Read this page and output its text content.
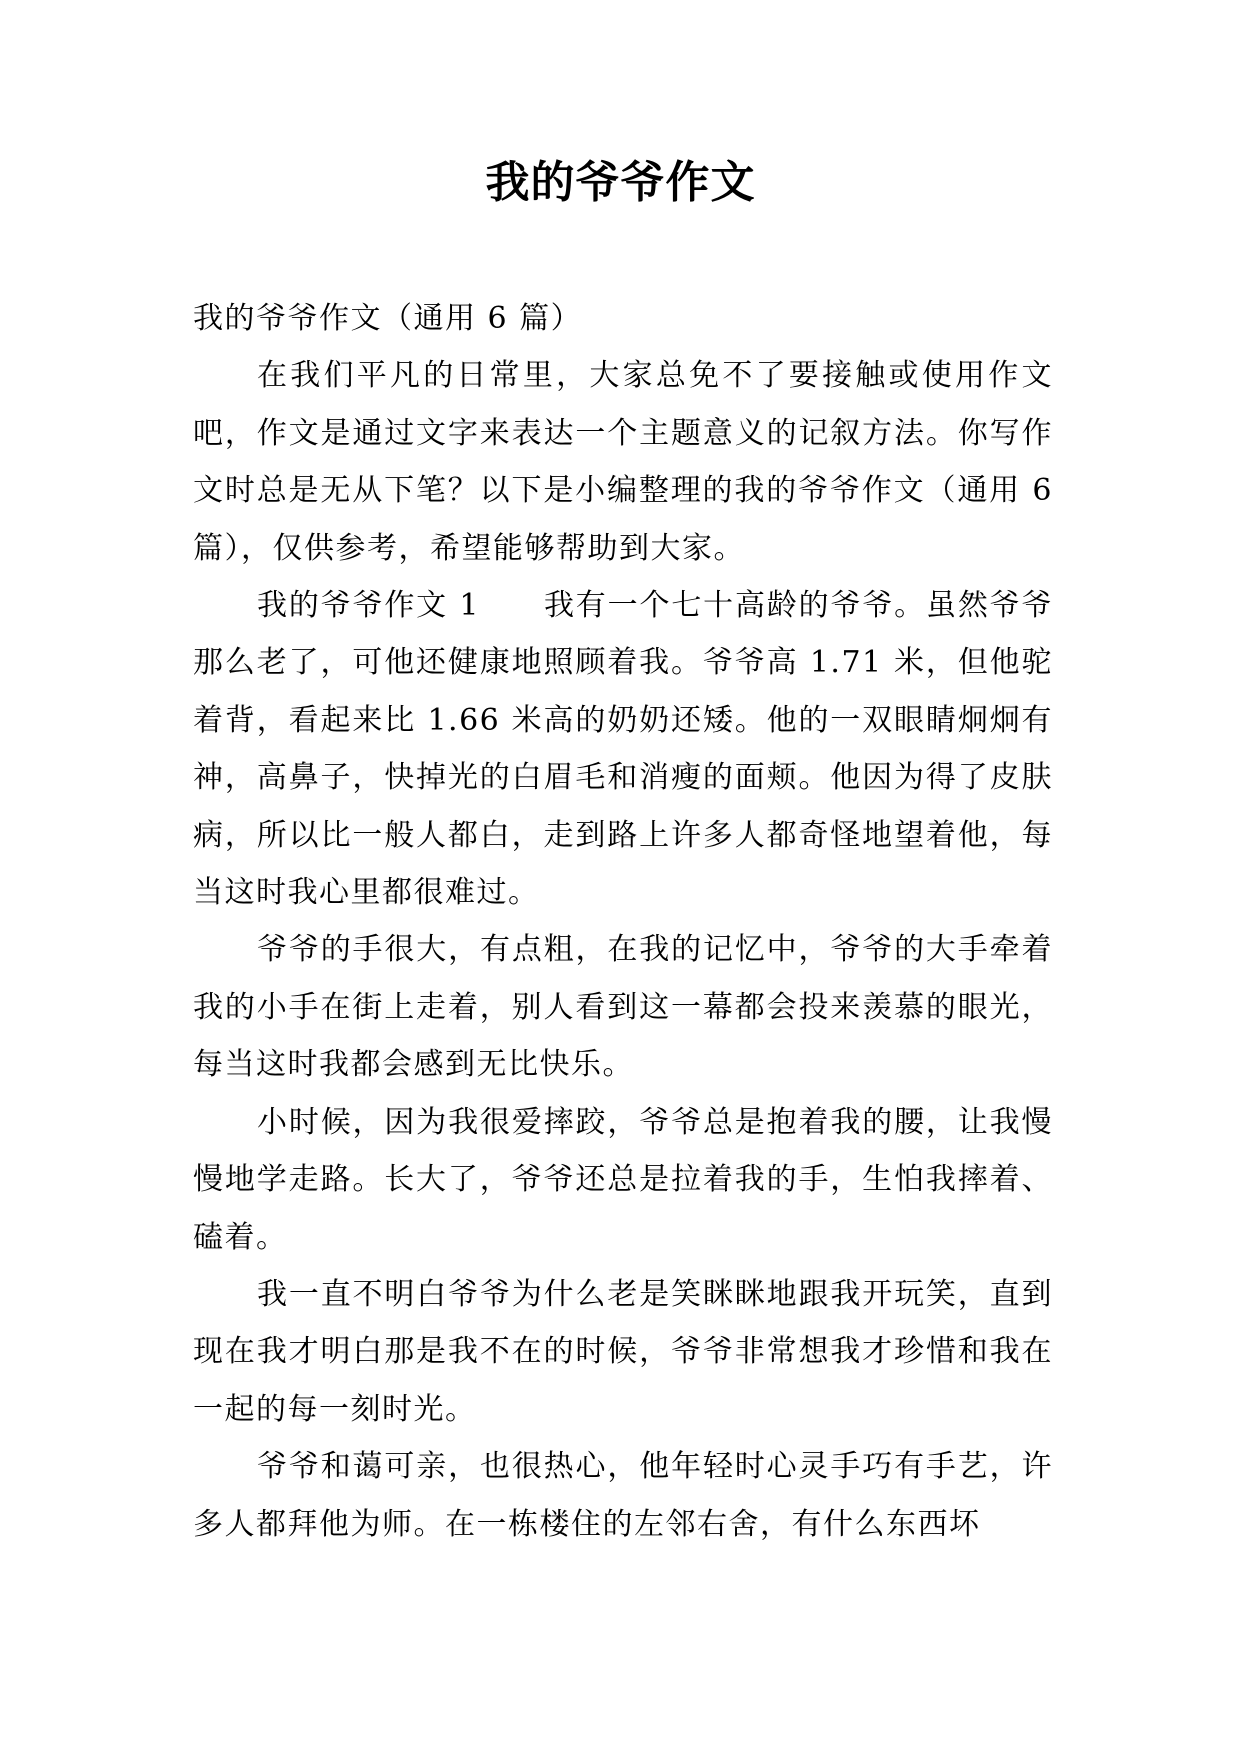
我的爷爷作文

我的爷爷作文（通用 6 篇）

在我们平凡的日常里，大家总免不了要接触或使用作文吧，作文是通过文字来表达一个主题意义的记叙方法。你写作文时总是无从下笔？以下是小编整理的我的爷爷作文（通用 6 篇），仅供参考，希望能够帮助到大家。

我的爷爷作文 1　　我有一个七十高龄的爷爷。虽然爷爷那么老了，可他还健康地照顾着我。爷爷高 1.71 米，但他驼着背，看起来比 1.66 米高的奶奶还矮。他的一双眼睛炯炯有神，高鼻子，快掉光的白眉毛和消瘦的面颊。他因为得了皮肤病，所以比一般人都白，走到路上许多人都奇怪地望着他，每当这时我心里都很难过。

爷爷的手很大，有点粗，在我的记忆中，爷爷的大手牵着我的小手在街上走着，别人看到这一幕都会投来羡慕的眼光，每当这时我都会感到无比快乐。

小时候，因为我很爱摔跤，爷爷总是抱着我的腰，让我慢慢地学走路。长大了，爷爷还总是拉着我的手，生怕我摔着、磕着。

我一直不明白爷爷为什么老是笑眯眯地跟我开玩笑，直到现在我才明白那是我不在的时候，爷爷非常想我才珍惜和我在一起的每一刻时光。

爷爷和蔼可亲，也很热心，他年轻时心灵手巧有手艺，许多人都拜他为师。在一栋楼住的左邻右舍，有什么东西坏
